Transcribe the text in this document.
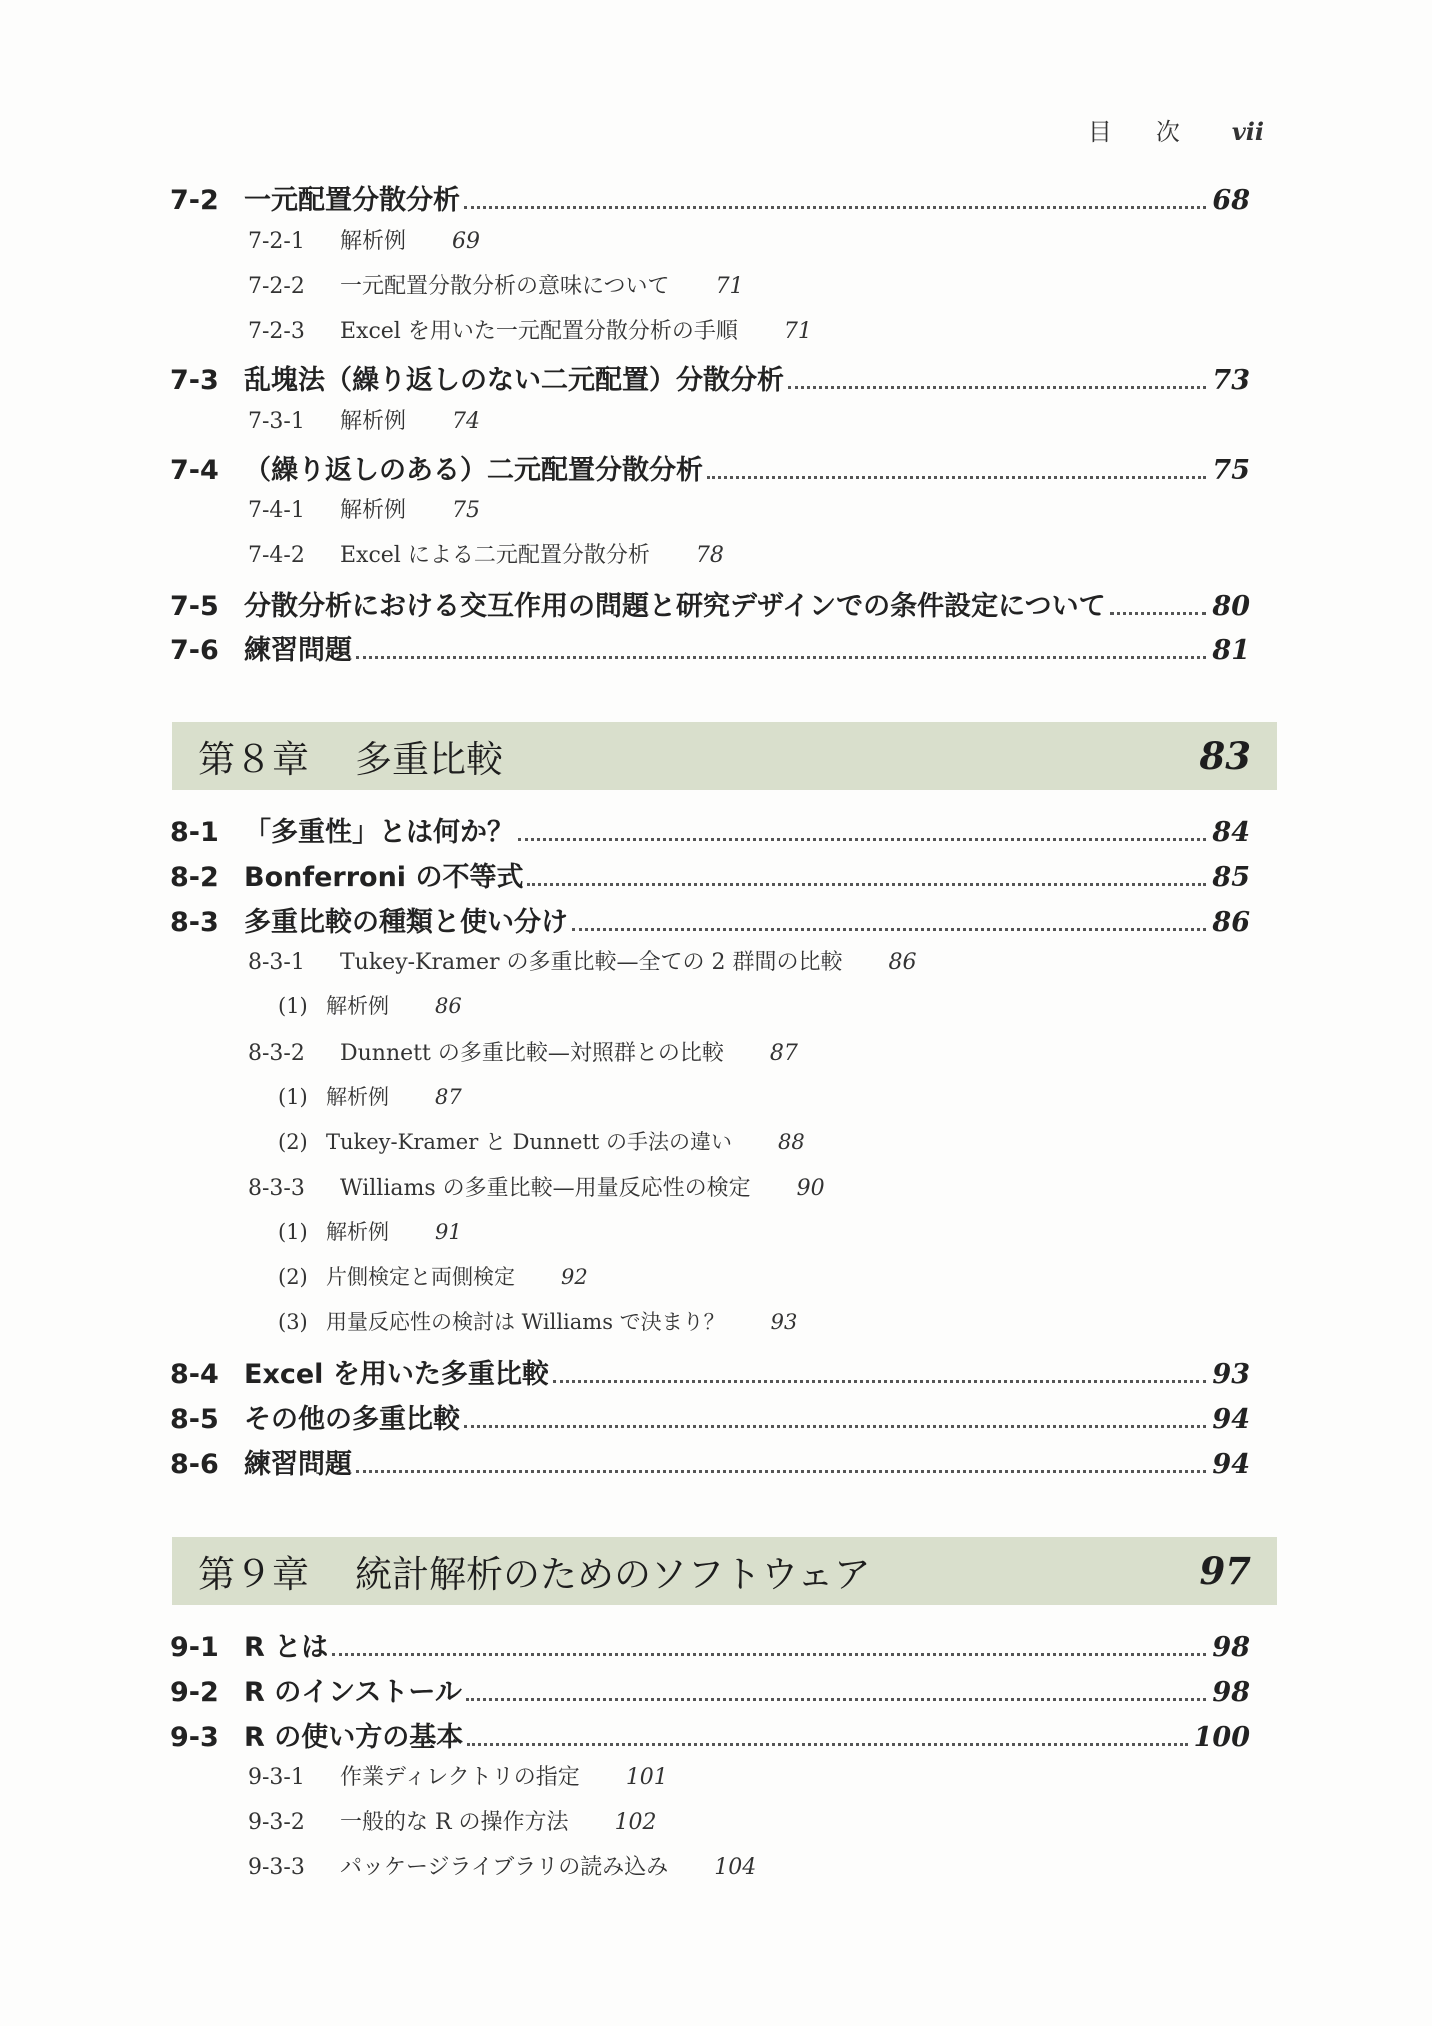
目 次 vii
7-2 一元配置分散分析	68
7-2-1	解析例 69
7-2-2	一元配置分散分析の意味について 71
7-2-3	Excel を用いた一元配置分散分析の手順 71
7-3 乱塊法（繰り返しのない二元配置）分散分析	73
7-3-1	解析例 74
7-4 （繰り返しのある）二元配置分散分析	75
7-4-1	解析例 75
7-4-2	Excel による二元配置分散分析 78
7-5 分散分析における交互作用の問題と研究デザインでの条件設定について	80
7-6 練習問題	81
第８章 多重比較	83
8-1 「多重性」とは何か？	84
8-2 Bonferroni の不等式	85
8-3 多重比較の種類と使い分け	86
8-3-1	Tukey-Kramer の多重比較—全ての 2 群間の比較 86
(1) 解析例 86
8-3-2	Dunnett の多重比較—対照群との比較 87
(1) 解析例 87
(2) Tukey-Kramer と Dunnett の手法の違い 88
8-3-3	Williams の多重比較—用量反応性の検定 90
(1) 解析例 91
(2) 片側検定と両側検定 92
(3) 用量反応性の検討は Williams で決まり？ 93
8-4 Excel を用いた多重比較	93
8-5 その他の多重比較	94
8-6 練習問題	94
第９章 統計解析のためのソフトウェア	97
9-1 R とは	98
9-2 R のインストール	98
9-3 R の使い方の基本	100
9-3-1	作業ディレクトリの指定 101
9-3-2	一般的な R の操作方法 102
9-3-3	パッケージライブラリの読み込み 104
